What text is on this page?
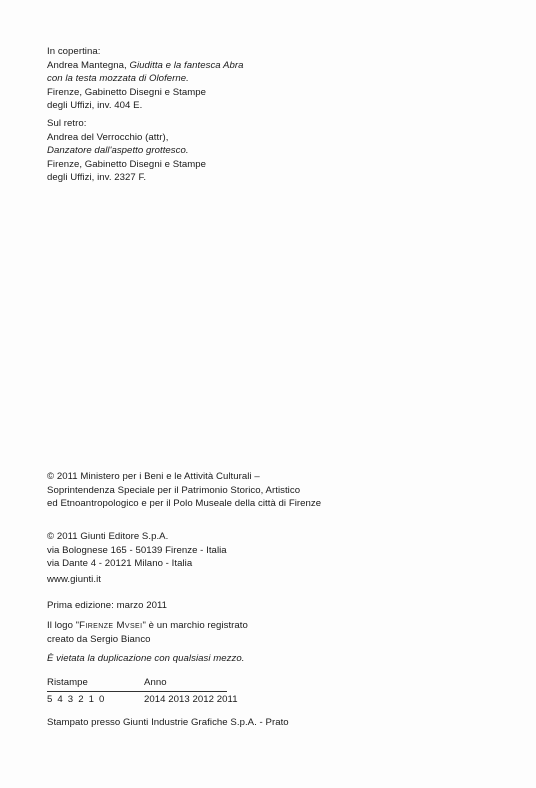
In copertina:
Andrea Mantegna, Giuditta e la fantesca Abra
con la testa mozzata di Oloferne.
Firenze, Gabinetto Disegni e Stampe
degli Uffizi, inv. 404 E.
Sul retro:
Andrea del Verrocchio (attr),
Danzatore dall'aspetto grottesco.
Firenze, Gabinetto Disegni e Stampe
degli Uffizi, inv. 2327 F.
© 2011 Ministero per i Beni e le Attività Culturali –
Soprintendenza Speciale per il Patrimonio Storico, Artistico
ed Etnoantropologico e per il Polo Museale della città di Firenze
© 2011 Giunti Editore S.p.A.
via Bolognese 165 - 50139 Firenze - Italia
via Dante 4 - 20121 Milano - Italia
www.giunti.it
Prima edizione: marzo 2011
Il logo "Firenze Mvsei" è un marchio registrato
creato da Sergio Bianco
È vietata la duplicazione con qualsiasi mezzo.
Ristampe	Anno
5 4 3 2 1 0	2014 2013 2012 2011
Stampato presso Giunti Industrie Grafiche S.p.A. - Prato
